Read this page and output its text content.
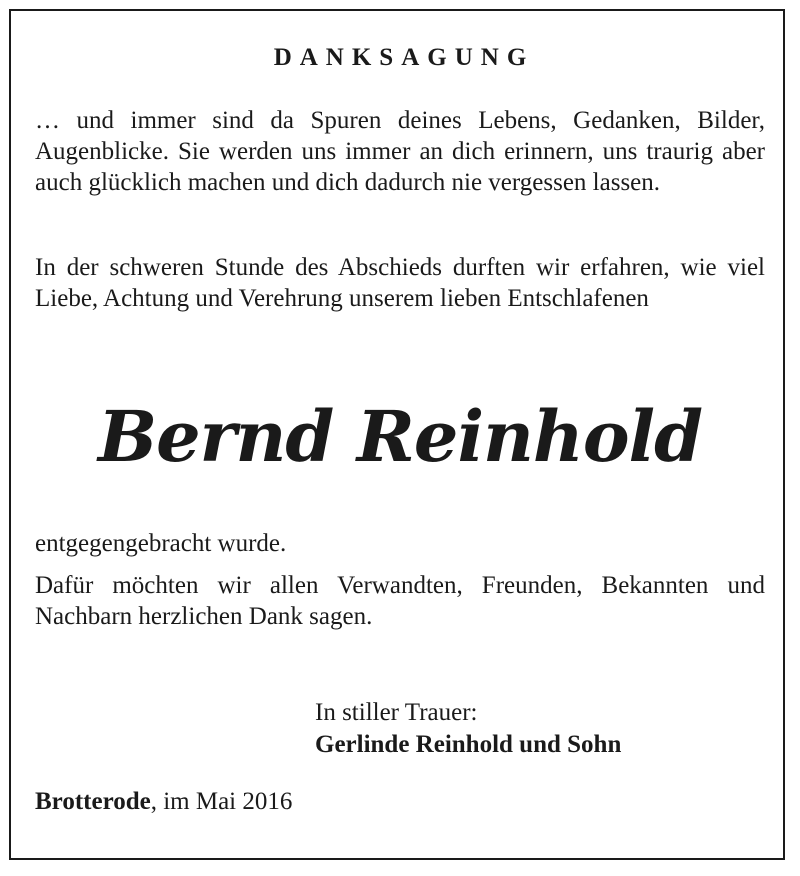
DANKSAGUNG

… und immer sind da Spuren deines Lebens, Gedanken, Bilder, Augenblicke. Sie werden uns immer an dich erinnern, uns traurig aber auch glücklich machen und dich dadurch nie vergessen lassen.

In der schweren Stunde des Abschieds durften wir erfahren, wie viel Liebe, Achtung und Verehrung unserem lieben Entschlafenen

Bernd Reinhold

entgegengebracht wurde.

Dafür möchten wir allen Verwandten, Freunden, Bekannten und Nachbarn herzlichen Dank sagen.

In stiller Trauer:
Gerlinde Reinhold und Sohn
Brotterode, im Mai 2016
